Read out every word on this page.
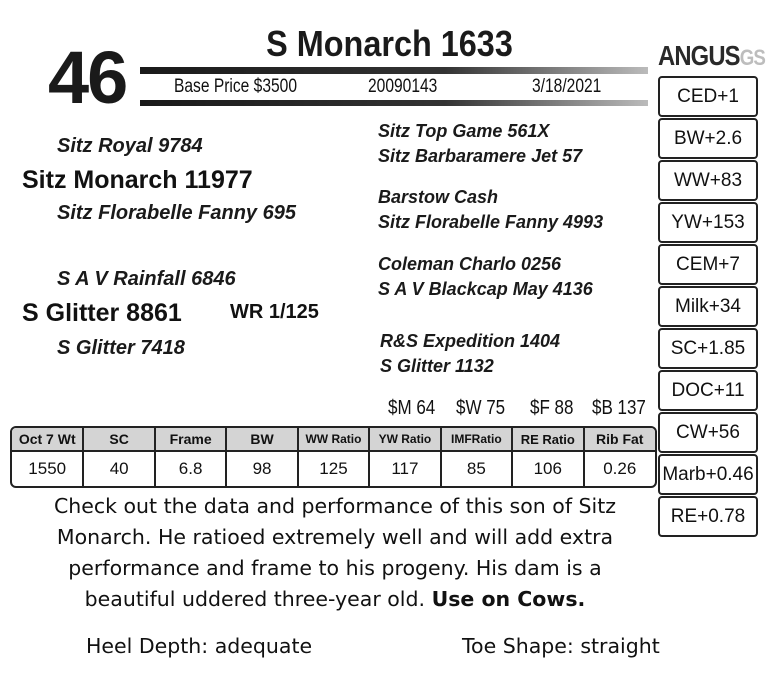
46	S Monarch 1633
Base Price $3500	20090143	3/18/2021
ANGUSGS
CED+1
BW+2.6
WW+83
YW+153
CEM+7
Milk+34
SC+1.85
DOC+11
CW+56
Marb+0.46
RE+0.78
Sitz Royal 9784
Sitz Monarch 11977
Sitz Florabelle Fanny 695
S A V Rainfall 6846
S Glitter 8861 WR 1/125
S Glitter 7418
Sitz Top Game 561X
Sitz Barbaramere Jet 57
Barstow Cash
Sitz Florabelle Fanny 4993
Coleman Charlo 0256
S A V Blackcap May 4136
R&S Expedition 1404
S Glitter 1132
$M 64 $W 75 $F 88 $B 137
Oct 7 Wt	SC	Frame	BW	WW Ratio	YW Ratio	IMFRatio	RE Ratio	Rib Fat
1550	40	6.8	98	125	117	85	106	0.26
Check out the data and performance of this son of Sitz Monarch. He ratioed extremely well and will add extra performance and frame to his progeny. His dam is a beautiful uddered three-year old. Use on Cows.
Heel Depth: adequate	Toe Shape: straight
